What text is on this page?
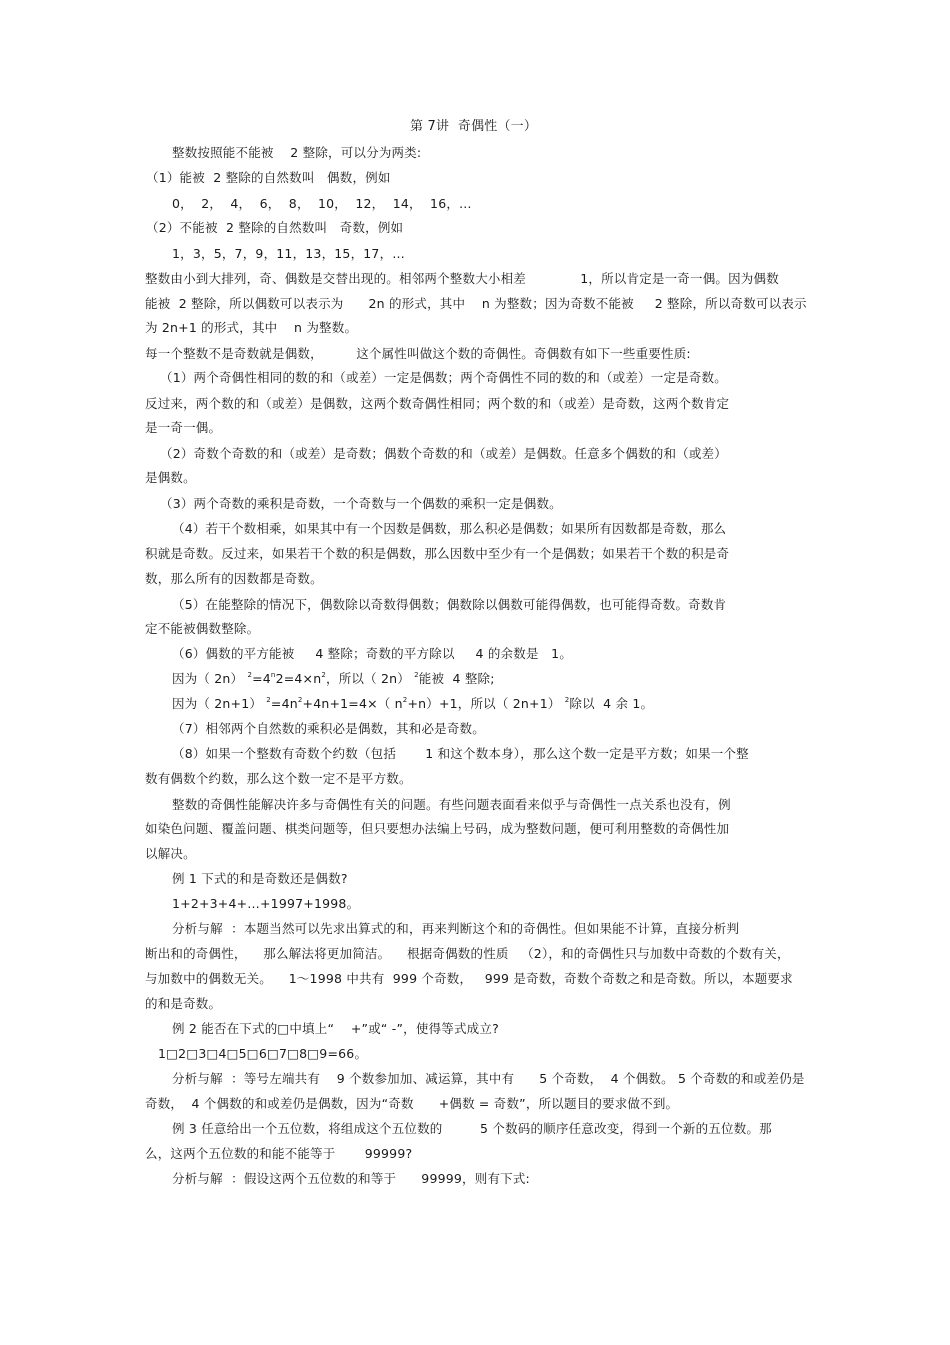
第 7讲  奇偶性（一）
整数按照能不能被    2 整除，可以分为两类:
（1）能被  2 整除的自然数叫   偶数，例如
0，  2，  4，  6，  8，  10，  12，  14，  16，…
（2）不能被  2 整除的自然数叫   奇数，例如
1，3，5，7，9，11，13，15，17，…
整数由小到大排列，奇、偶数是交替出现的。相邻两个整数大小相差             1，所以肯定是一奇一偶。因为偶数
能被  2 整除，所以偶数可以表示为      2n 的形式，其中    n 为整数；因为奇数不能被     2 整除，所以奇数可以表示
为 2n+1 的形式，其中    n 为整数。
每一个整数不是奇数就是偶数，        这个属性叫做这个数的奇偶性。奇偶数有如下一些重要性质:
（1）两个奇偶性相同的数的和（或差）一定是偶数；两个奇偶性不同的数的和（或差）一定是奇数。
反过来，两个数的和（或差）是偶数，这两个数奇偶性相同；两个数的和（或差）是奇数，这两个数肯定
是一奇一偶。
（2）奇数个奇数的和（或差）是奇数；偶数个奇数的和（或差）是偶数。任意多个偶数的和（或差）
是偶数。
（3）两个奇数的乘积是奇数，一个奇数与一个偶数的乘积一定是偶数。
（4）若干个数相乘，如果其中有一个因数是偶数，那么积必是偶数；如果所有因数都是奇数，那么
积就是奇数。反过来，如果若干个数的积是偶数，那么因数中至少有一个是偶数；如果若干个数的积是奇
数，那么所有的因数都是奇数。
（5）在能整除的情况下，偶数除以奇数得偶数；偶数除以偶数可能得偶数，也可能得奇数。奇数肯
定不能被偶数整除。
（6）偶数的平方能被     4 整除；奇数的平方除以     4 的余数是   1。
因为（ 2n） $^2=4^n2=4\times n^2$，所以（ 2n） $^2$能被  4 整除;
因为（ 2n+1） $^2=4n^2+4n+1=4\times$（ $n^2+n)+1$，所以（ 2n+1） $^2$除以  4 余 1。
（7）相邻两个自然数的乘积必是偶数，其和必是奇数。
（8）如果一个整数有奇数个约数（包括       1 和这个数本身），那么这个数一定是平方数；如果一个整
数有偶数个约数，那么这个数一定不是平方数。
整数的奇偶性能解决许多与奇偶性有关的问题。有些问题表面看来似乎与奇偶性一点关系也没有，例
如染色问题、覆盖问题、棋类问题等，但只要想办法编上号码，成为整数问题，便可利用整数的奇偶性加
以解决。
例 1 下式的和是奇数还是偶数?
1+2+3+4+…+1997+1998。
分析与解  ：本题当然可以先求出算式的和，再来判断这个和的奇偶性。但如果能不计算，直接分析判
断出和的奇偶性，    那么解法将更加简洁。    根据奇偶数的性质   （2），和的奇偶性只与加数中奇数的个数有关，
与加数中的偶数无关。    1～1998 中共有  999 个奇数，   999 是奇数，奇数个奇数之和是奇数。所以，本题要求
的和是奇数。
例 2 能否在下式的□中填上“    +”或“ -”，使得等式成立?
1□2□3□4□5□6□7□8□9=66。
分析与解  ：等号左端共有    9 个数参加加、减运算，其中有      5 个奇数，  4 个偶数。 5 个奇数的和或差仍是
奇数，  4 个偶数的和或差仍是偶数，因为“奇数      +偶数 = 奇数”，所以题目的要求做不到。
例 3 任意给出一个五位数，将组成这个五位数的         5 个数码的顺序任意改变，得到一个新的五位数。那
么，这两个五位数的和能不能等于       99999?
分析与解  ：假设这两个五位数的和等于      99999，则有下式:
